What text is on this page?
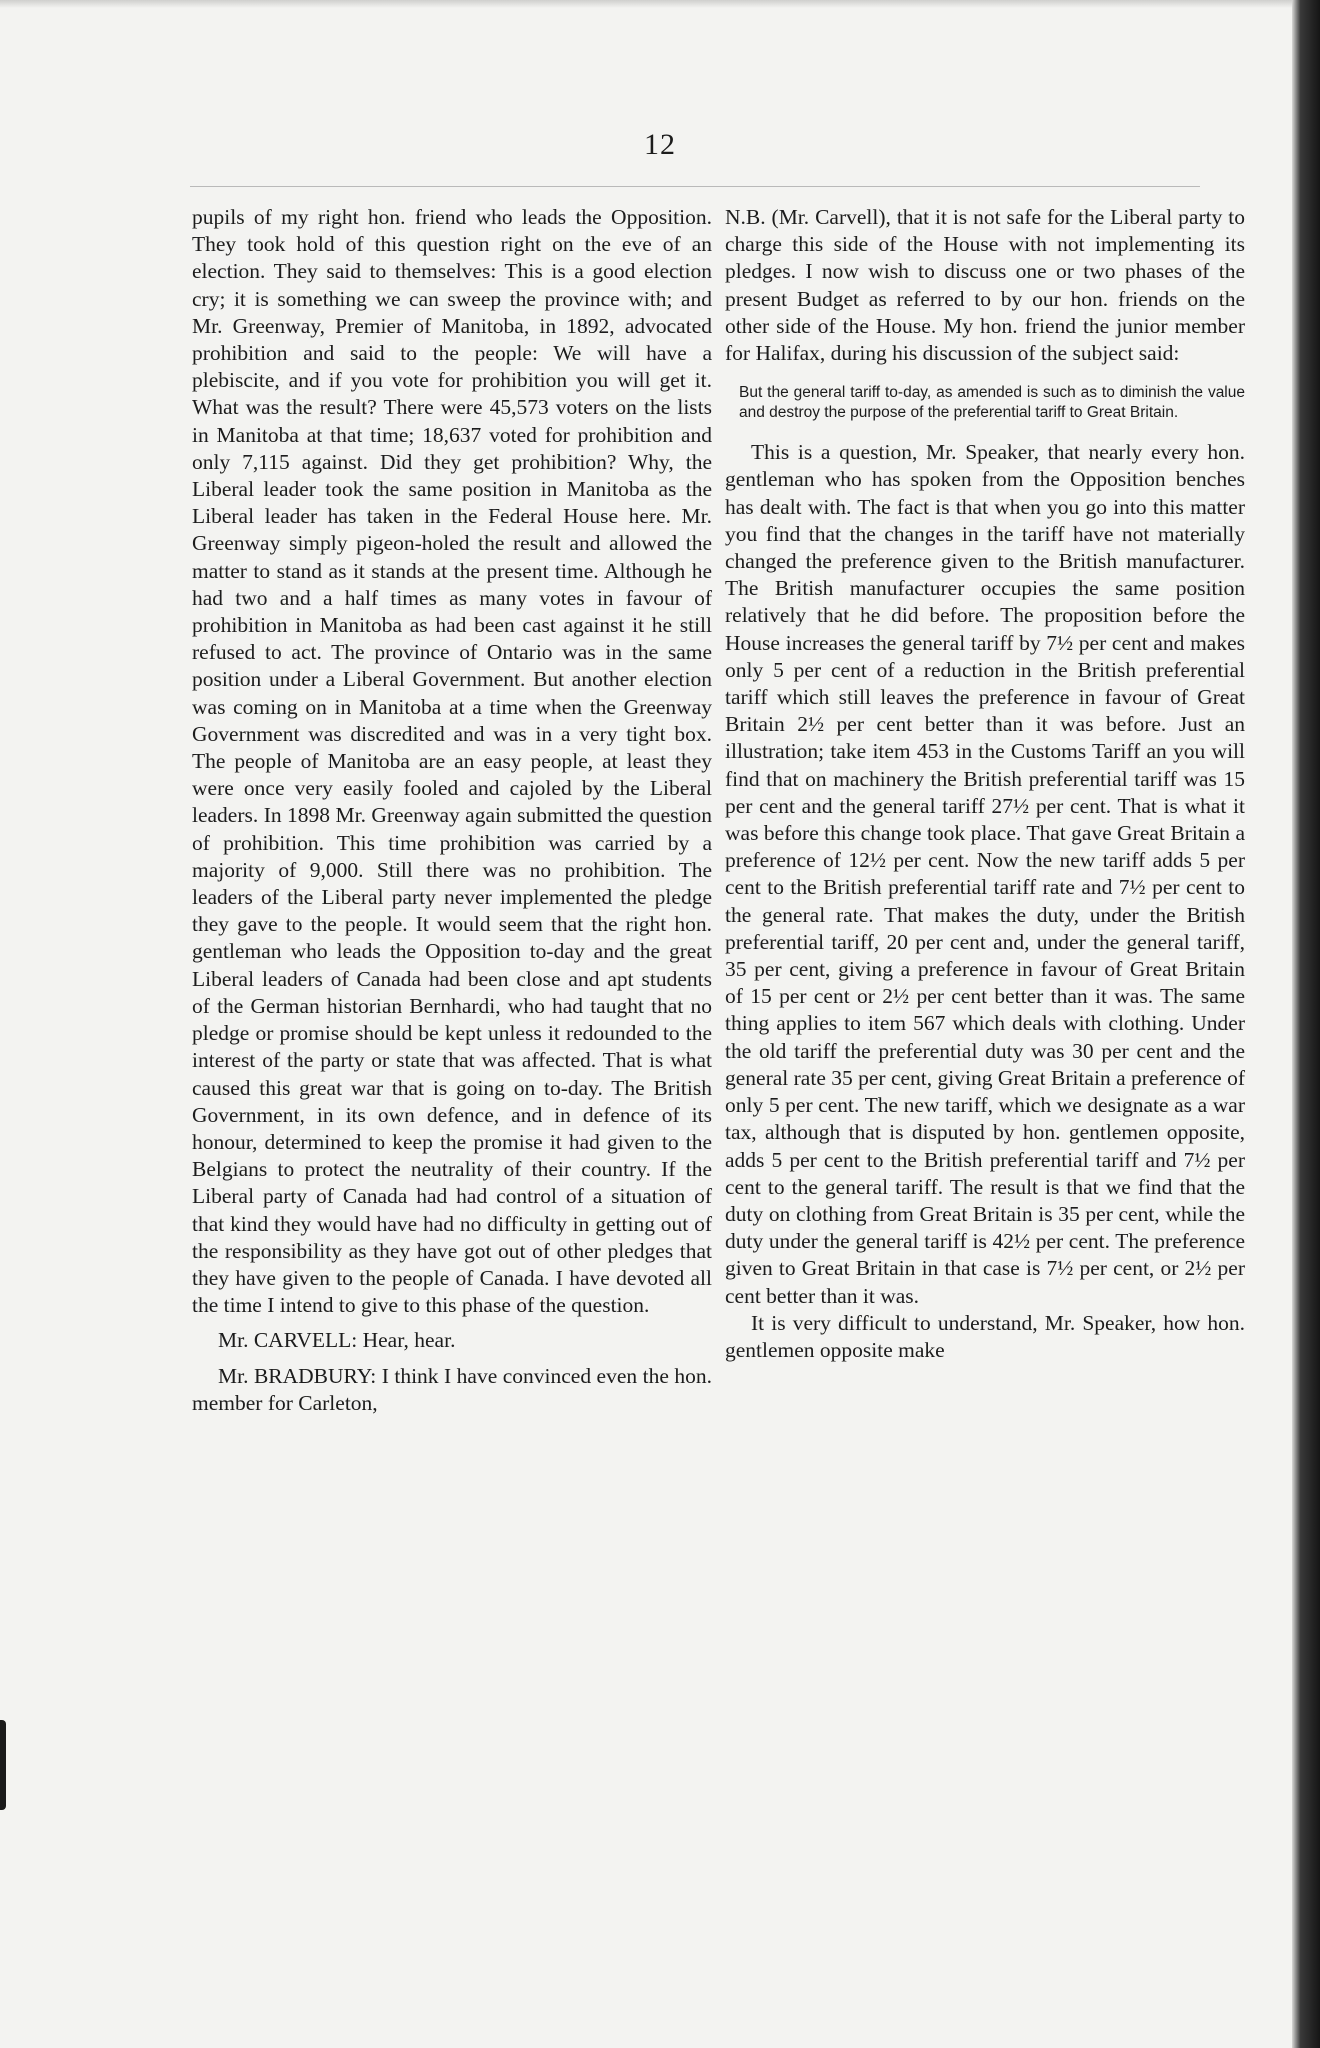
12

pupils of my right hon. friend who leads the Opposition. They took hold of this question right on the eve of an election. They said to themselves: This is a good election cry; it is something we can sweep the province with; and Mr. Greenway, Premier of Manitoba, in 1892, advocated prohibition and said to the people: We will have a plebiscite, and if you vote for prohibition you will get it. What was the result? There were 45,573 voters on the lists in Manitoba at that time; 18,637 voted for prohibition and only 7,115 against. Did they get prohibition? Why, the Liberal leader took the same position in Manitoba as the Liberal leader has taken in the Federal House here. Mr. Greenway simply pigeon-holed the result and allowed the matter to stand as it stands at the present time. Although he had two and a half times as many votes in favour of prohibition in Manitoba as had been cast against it he still refused to act. The province of Ontario was in the same position under a Liberal Government. But another election was coming on in Manitoba at a time when the Greenway Government was discredited and was in a very tight box. The people of Manitoba are an easy people, at least they were once very easily fooled and cajoled by the Liberal leaders. In 1898 Mr. Greenway again submitted the question of prohibition. This time prohibition was carried by a majority of 9,000. Still there was no prohibition. The leaders of the Liberal party never implemented the pledge they gave to the people. It would seem that the right hon. gentleman who leads the Opposition to-day and the great Liberal leaders of Canada had been close and apt students of the German historian Bernhardi, who had taught that no pledge or promise should be kept unless it redounded to the interest of the party or state that was affected. That is what caused this great war that is going on to-day. The British Government, in its own defence, and in defence of its honour, determined to keep the promise it had given to the Belgians to protect the neutrality of their country. If the Liberal party of Canada had had control of a situation of that kind they would have had no difficulty in getting out of the responsibility as they have got out of other pledges that they have given to the people of Canada. I have devoted all the time I intend to give to this phase of the question.

Mr. CARVELL: Hear, hear.

Mr. BRADBURY: I think I have convinced even the hon. member for Carleton,

N.B. (Mr. Carvell), that it is not safe for the Liberal party to charge this side of the House with not implementing its pledges. I now wish to discuss one or two phases of the present Budget as referred to by our hon. friends on the other side of the House. My hon. friend the junior member for Halifax, during his discussion of the subject said:

But the general tariff to-day, as amended is such as to diminish the value and destroy the purpose of the preferential tariff to Great Britain.

This is a question, Mr. Speaker, that nearly every hon. gentleman who has spoken from the Opposition benches has dealt with. The fact is that when you go into this matter you find that the changes in the tariff have not materially changed the preference given to the British manufacturer. The British manufacturer occupies the same position relatively that he did before. The proposition before the House increases the general tariff by 7½ per cent and makes only 5 per cent of a reduction in the British preferential tariff which still leaves the preference in favour of Great Britain 2½ per cent better than it was before. Just an illustration; take item 453 in the Customs Tariff an you will find that on machinery the British preferential tariff was 15 per cent and the general tariff 27½ per cent. That is what it was before this change took place. That gave Great Britain a preference of 12½ per cent. Now the new tariff adds 5 per cent to the British preferential tariff rate and 7½ per cent to the general rate. That makes the duty, under the British preferential tariff, 20 per cent and, under the general tariff, 35 per cent, giving a preference in favour of Great Britain of 15 per cent or 2½ per cent better than it was. The same thing applies to item 567 which deals with clothing. Under the old tariff the preferential duty was 30 per cent and the general rate 35 per cent, giving Great Britain a preference of only 5 per cent. The new tariff, which we designate as a war tax, although that is disputed by hon. gentlemen opposite, adds 5 per cent to the British preferential tariff and 7½ per cent to the general tariff. The result is that we find that the duty on clothing from Great Britain is 35 per cent, while the duty under the general tariff is 42½ per cent. The preference given to Great Britain in that case is 7½ per cent, or 2½ per cent better than it was.

It is very difficult to understand, Mr. Speaker, how hon. gentlemen opposite make
